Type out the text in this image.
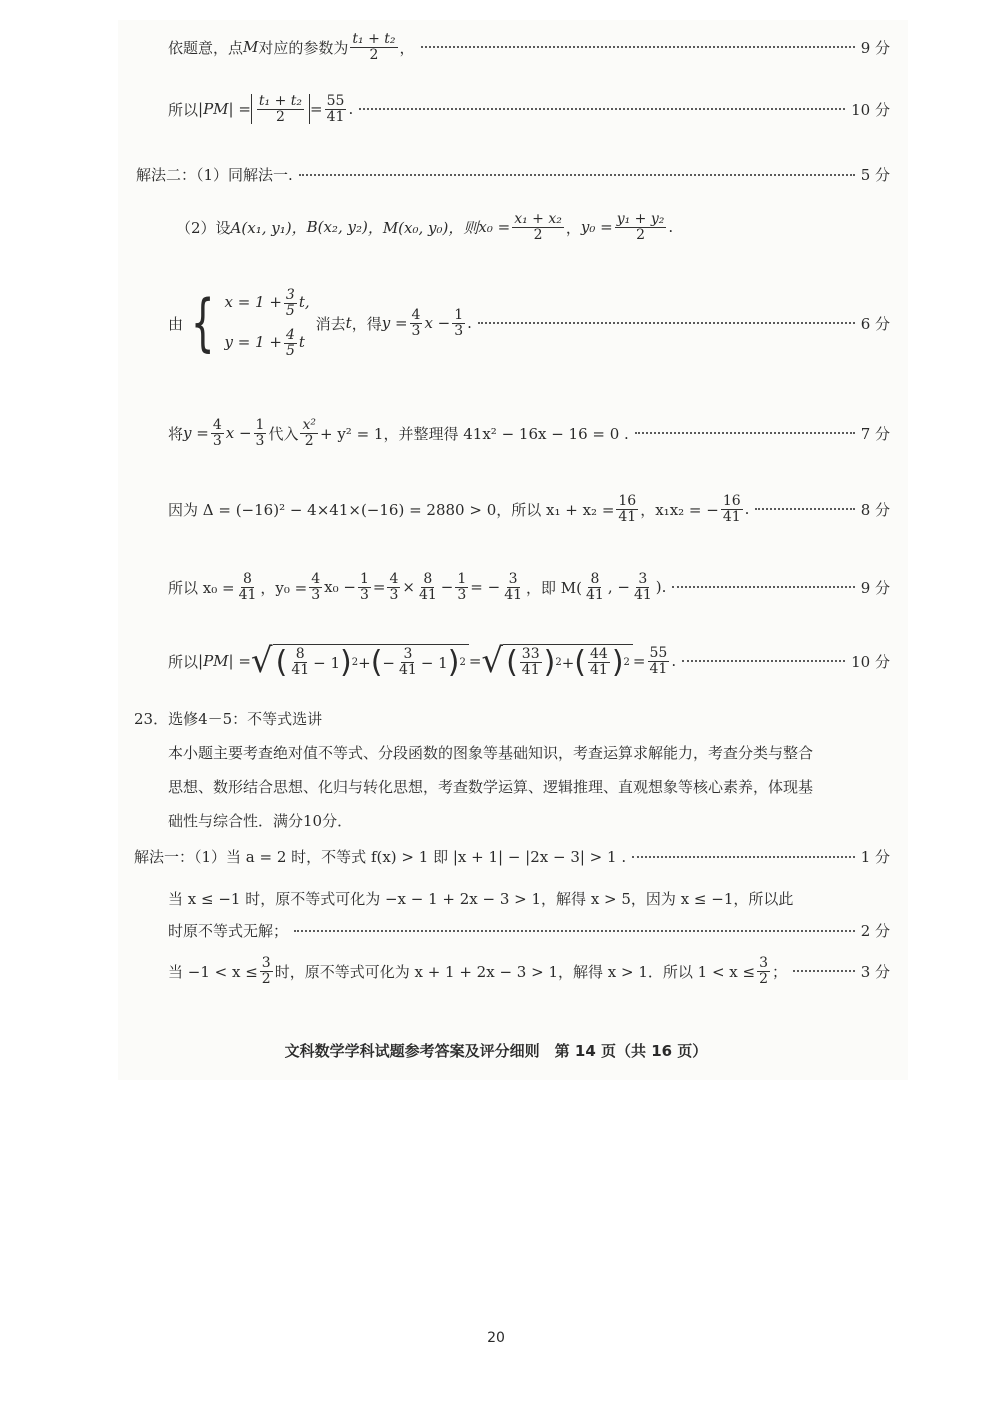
依题意，点 M 对应的参数为 $\frac{\text{t₁ + t₂}}{2}$ ，	9 分
所以 $|PM| = \frac{\text{t₁ + t₂}}{2} = \frac{55}{41}$ .	10 分
解法二：（1）同解法一.	5 分
（2）设 A(x₁, y₁)， B(x₂, y₂) ，M(x₀, y₀)，则 $x_0 = \frac{\text{x₁ + x₂}}{2}$ ， $y_0 = \frac{\text{y₁ + y₂}}{2}$ .
由 { $x = 1 + \frac{3}{5} t$,
$y = 1 + \frac{4}{5}$ t
消去 t ，得 $y = \frac{4}{3}$ $x - \frac{1}{3}$ .	6 分
将 $y = \frac{4}{3}$ $x - \frac{1}{3}$ 代入 $\frac{\text{x²}}{2} + y^2 = 1$，并整理得 41x² − 16x − 16 = 0 .	7 分
因为 Δ = (−16)² − 4×41×(−16) = 2880 > 0，所以 $x_1 + x_2 = \frac{16}{41}$ ，x₁x₂ = − $\frac{16}{41}$ .	8 分
所以 $x_0 = \frac{8}{41}$ ，$y_0 = \frac{4}{3} x_0 - \frac{1}{3} = \frac{4}{3} \times \frac{8}{41} - \frac{1}{3}$ = − $\frac{3}{41}$ ，即 $M( \frac{8}{41}$ , − $\frac{3}{41}$ ).	9 分
所以 |PM| = √ ( $\frac{8}{41} - 1$ ) 2 + ( − $\frac{3}{41} - 1$ ) 2 = √ ( $\frac{33}{41}$ ) 2 + ( $\frac{44}{41}$ ) $2 = \frac{55}{41}$ .	10 分
23．选修4－5：不等式选讲
本小题主要考查绝对值不等式、分段函数的图象等基础知识，考查运算求解能力，考查分类与整合思想、数形结合思想、化归与转化思想，考查数学运算、逻辑推理、直观想象等核心素养，体现基础性与综合性．满分10分．
解法一：（1）当 a = 2 时，不等式 f(x) > 1 即 |x + 1| − |2x − 3| > 1 .	1 分
当 x ≤ −1 时，原不等式可化为 −x − 1 + 2x − 3 > 1，解得 x > 5，因为 x ≤ −1，所以此
时原不等式无解；	2 分
当 $-1 < x \le \frac{3}{2}$ 时，原不等式可化为 x + 1 + 2x − 3 > 1，解得 x > 1．所以 $1 < x \le \frac{3}{2}$ ；	3 分
文科数学学科试题参考答案及评分细则　第 14 页（共 16 页）
20
